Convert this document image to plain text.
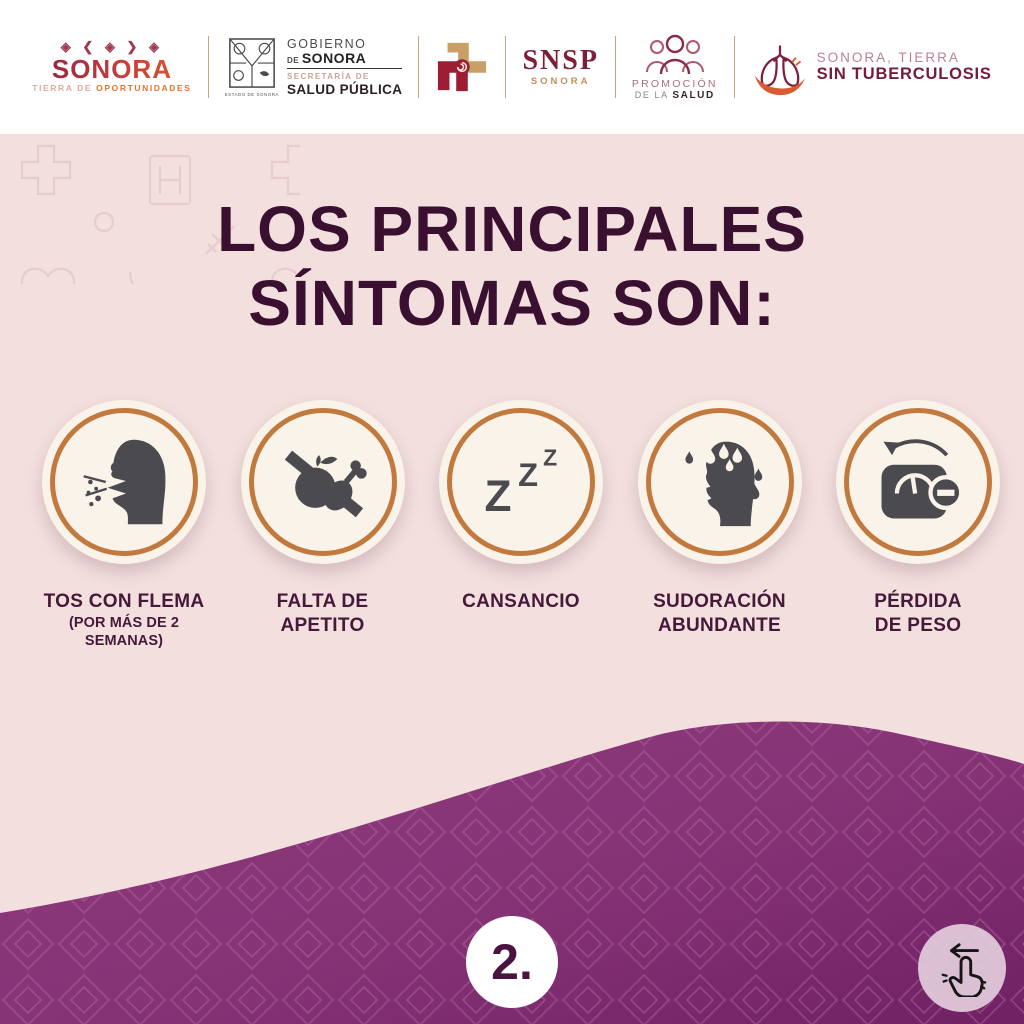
◈ ❮ ◈ ❯ ◈
SONORA
TIERRA DE OPORTUNIDADES
ESTADO DE SONORA
GOBIERNO
DE SONORA
SECRETARÍA DE
SALUD PÚBLICA
SNSP
SONORA	PROMOCIÓN
DE LA SALUD
SONORA, TIERRA
SIN TUBERCULOSIS
LOS PRINCIPALES
SÍNTOMAS SON:
TOS CON FLEMA
(POR MÁS DE 2 SEMANAS)
FALTA DE
APETITO
Z Z Z
CANSANCIO	SUDORACIÓN
ABUNDANTE
PÉRDIDA
DE PESO
2.
